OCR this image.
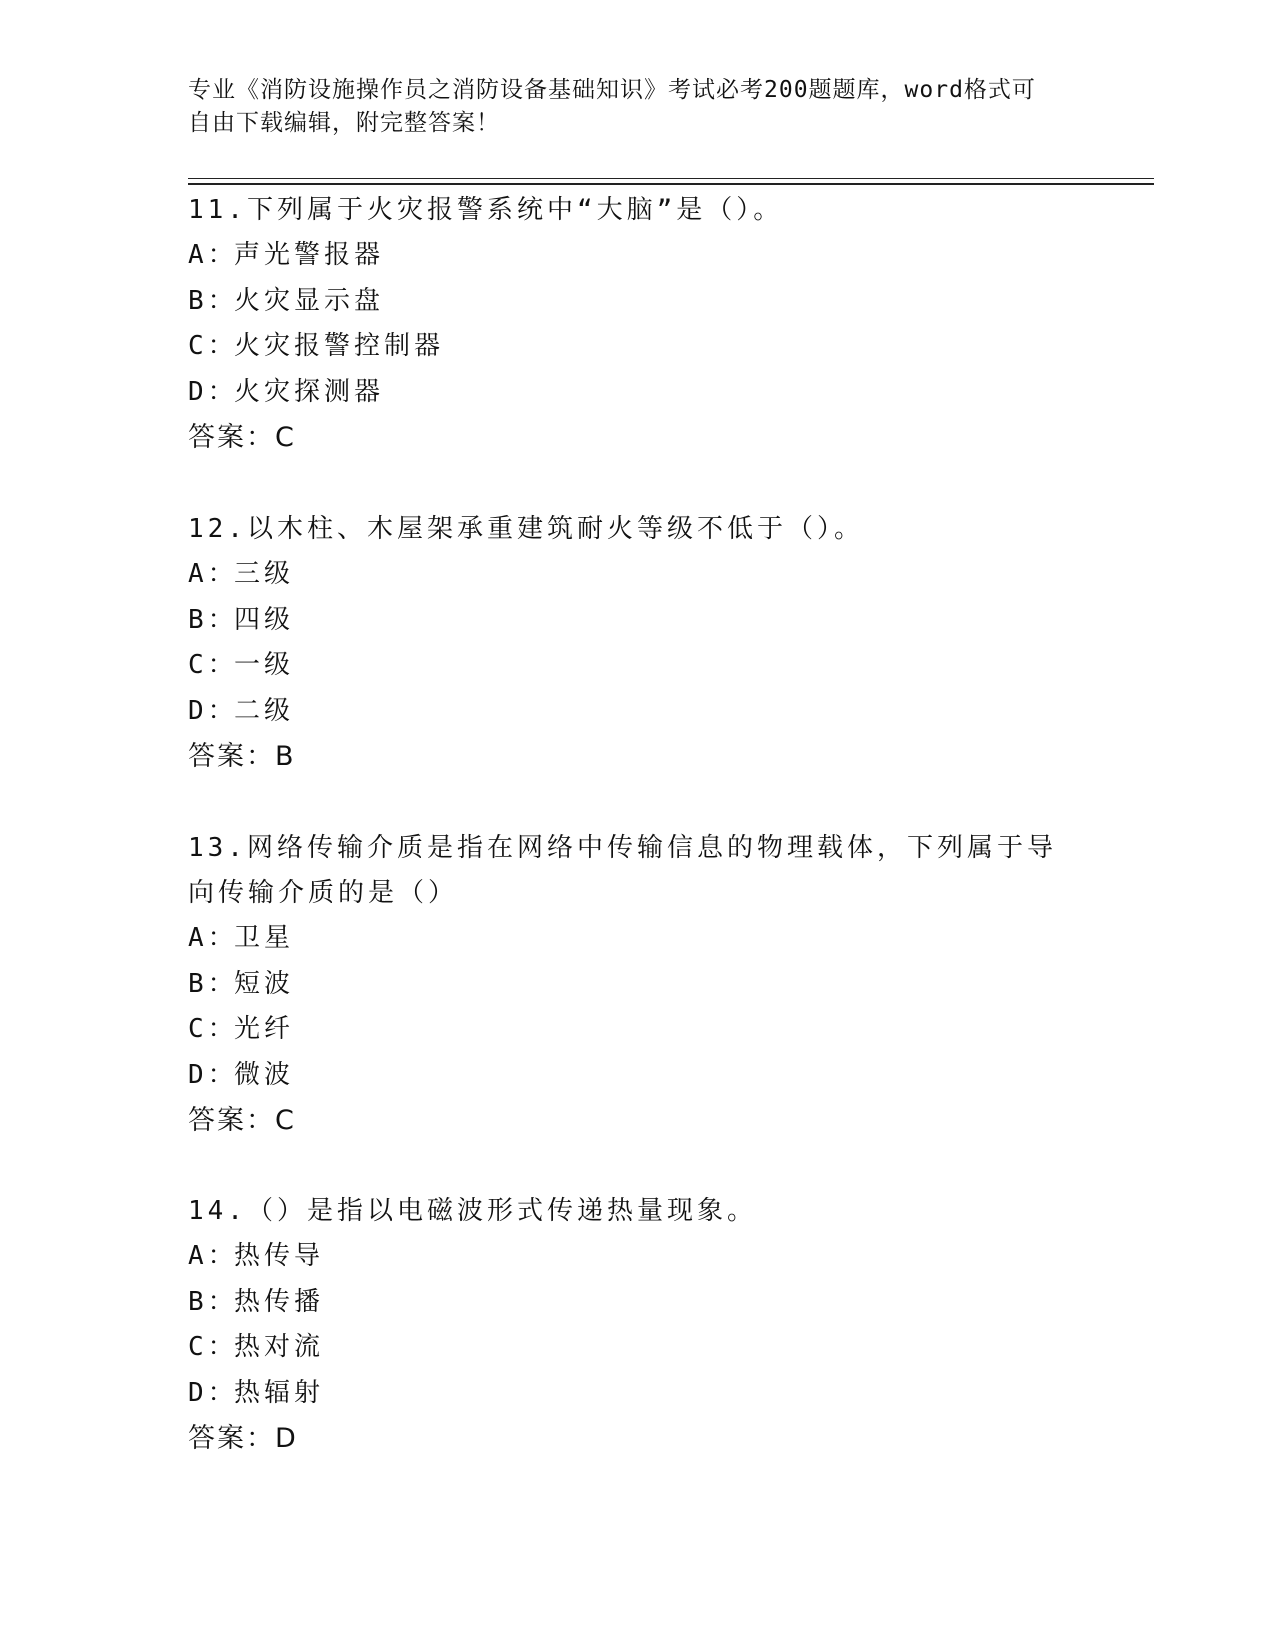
专业《消防设施操作员之消防设备基础知识》考试必考200题题库，word格式可
自由下载编辑，附完整答案！

11.下列属于火灾报警系统中“大脑”是（）。

A：
声光警报器
B：
火灾显示盘
C：
火灾报警控制器
D：
火灾探测器
答案：C

12.以木柱、木屋架承重建筑耐火等级不低于（）。

A：
三级
B：
四级
C：
一级
D：
二级
答案：B

13.网络传输介质是指在网络中传输信息的物理载体，下列属于导向传输介质的是（）

A：
卫星
B：
短波
C：
光纤
D：
微波
答案：C

14.（）是指以电磁波形式传递热量现象。

A：
热传导
B：
热传播
C：
热对流
D：
热辐射
答案：D
